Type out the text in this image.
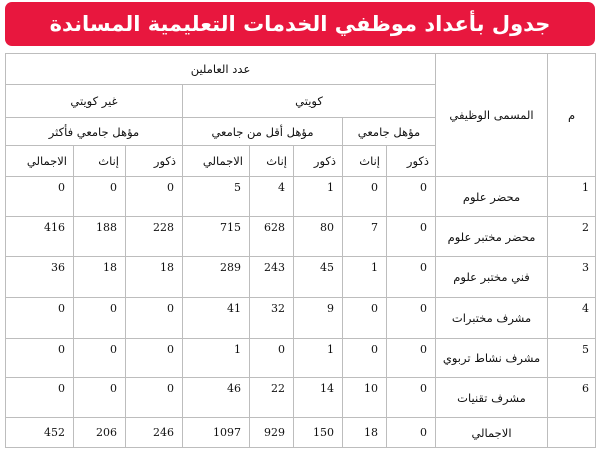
جدول بأعداد موظفي الخدمات التعليمية المساندة
م	المسمى الوظيفي	عدد العاملين							
		كويتي					غير كويتي		
		مؤهل جامعي		مؤهل أقل من جامعي			مؤهل جامعي فأكثر		
		ذكور	إناث	ذكور	إناث	الاجمالي	ذكور	إناث	الاجمالي
1	محضر علوم	0	0	1	4	5	0	0	0
2	محضر مختبر علوم	0	7	80	628	715	228	188	416
3	فني مختبر علوم	0	1	45	243	289	18	18	36
4	مشرف مختبرات	0	0	9	32	41	0	0	0
5	مشرف نشاط تربوي	0	0	1	0	1	0	0	0
6	مشرف تقنيات	0	10	14	22	46	0	0	0
	الاجمالي	0	18	150	929	1097	246	206	452
